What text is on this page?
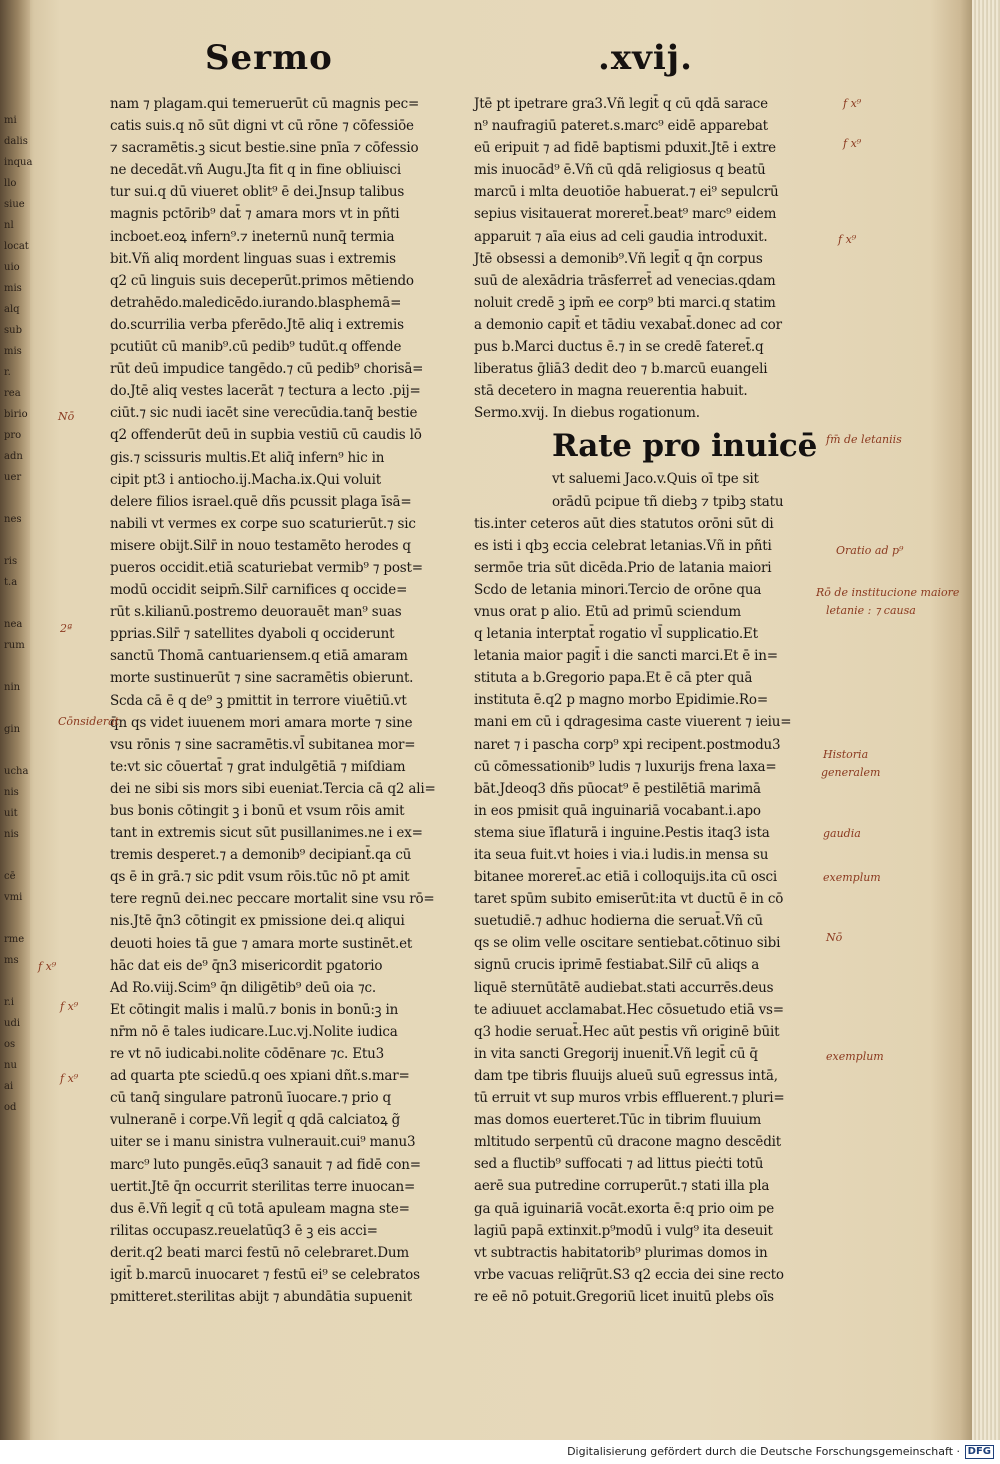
mi
dalis
inqua
llo
siue
nl
locat
uio
mis
alq
sub
mis
r.
rea
birio
pro
adn
uer

nes

ris
t.a

nea
rum

nin

gin

ucha
nis
uit
nis

cē
vmi

rme
ms

r.i
udi
os
nu
ai
od
Sermo	.xvij.
nam ⁊ plagam.qui temeruerūt cū magnis pec=
catis suis.q nō sūt digni vt cū rōne ⁊ cōfessiōe
⁊ sacramētis.ꝫ sicut bestie.sine pnīa ⁊ cōfessio
ne decedāt.vñ Augu.Jta fit q in fine obliuisci
tur sui.q dū viueret oblit⁹ ē dei.Jnsup talibus
magnis pctōrib⁹ dat̄ ⁊ amara mors vt in pñti
incboet.eoꝝ infern⁹.⁊ ineternū nunq̄ termia
bit.Vñ aliq mordent linguas suas i extremis
q2 cū linguis suis deceperūt.primos mētiendo
detrahēdo.maledicēdo.iurando.blasphemā=
do.scurrilia verba pferēdo.Jtē aliq i extremis
pcutiūt cū manib⁹.cū pedib⁹ tudūt.q offende
rūt deū impudice tangēdo.⁊ cū pedib⁹ chorisā=
do.Jtē aliq vestes lacerāt ⁊ tectura a lecto .pij=
ciūt.⁊ sic nudi iacēt sine verecūdia.tanq̄ bestie
q2 offenderūt deū in supbia vestiū cū caudis lō
gis.⁊ scissuris multis.Et aliq̄ infern⁹ hic in
cipit pt3 i antiocho.ij.Macha.ix.Qui voluit
delere filios israel.quē dñs pcussit plaga īsā=
nabili vt vermes ex corpe suo scaturierūt.⁊ sic
misere obijt.Silr̄ in nouo testamēto herodes q
pueros occidit.etiā scaturiebat vermib⁹ ⁊ post=
modū occidit seipm̄.Silr̄ carnifices q occide=
rūt s.kilianū.postremo deuorauēt man⁹ suas
pprias.Silr̄ ⁊ satellites dyaboli q occiderunt
sanctū Thomā cantuariensem.q etiā amaram
morte sustinuerūt ⁊ sine sacramētis obierunt.
Scda cā ē q de⁹ ꝫ pmittit in terrore viuētiū.vt
q̄n qs videt iuuenem mori amara morte ⁊ sine
vsu rōnis ⁊ sine sacramētis.vl̄ subitanea mor=
te:vt sic cōuertat̄ ⁊ grat indulgētiā ⁊ miſdiam
dei ne sibi sis mors sibi eueniat.Tercia cā q2 ali=
bus bonis cōtingit ꝫ i bonū et vsum rōis amit
tant in extremis sicut sūt pusillanimes.ne i ex=
tremis desperet.⁊ a demonib⁹ decipiant̄.qa cū
qs ē in grā.⁊ sic pdit vsum rōis.tūc nō pt amit
tere regnū dei.nec peccare mortalit sine vsu rō=
nis.Jtē q̄n3 cōtingit ex pmissione dei.q aliqui
deuoti hoies tā gue ⁊ amara morte sustinēt.et
hāc dat eis de⁹ q̄n3 misericordit pgatorio
Ad Ro.viij.Scim⁹ q̄n diligētib⁹ deū oia ⁊c.
Et cōtingit malis i malū.⁊ bonis in bonū:ꝫ in
nr̄m nō ē tales iudicare.Luc.vj.Nolite iudica
re vt nō iudicabi.nolite cōdēnare ⁊c. Etu3
ad quarta pte sciedū.q oes xpiani dñt.s.mar=
cū tanq̄ singulare patronū īuocare.⁊ prio q
vulneranē i corpe.Vñ legit̄ q qdā calciatoꝝ g̃
uiter se i manu sinistra vulnerauit.cui⁹ manu3
marc⁹ luto pungēs.eūq3 sanauit ⁊ ad fidē con=
uertit.Jtē q̄n occurrit sterilitas terre inuocan=
dus ē.Vñ legit̄ q cū totā apuleam magna ste=
rilitas occupasz.reuelatūq3 ē ꝫ eis acci=
derit.q2 beati marci festū nō celebraret.Dum
igit̄ b.marcū inuocaret ⁊ festū ei⁹ se celebratos
pmitteret.sterilitas abijt ⁊ abundātia supuenit
Jtē pt ipetrare gra3.Vñ legit̄ q cū qdā sarace
n⁹ naufragiū pateret.s.marc⁹ eidē apparebat
eū eripuit ⁊ ad fidē baptismi pduxit.Jtē i extre
mis inuocād⁹ ē.Vñ cū qdā religiosus q beatū
marcū i mlta deuotiōe habuerat.⁊ ei⁹ sepulcrū
sepius visitauerat moreret̄.beat⁹ marc⁹ eidem
apparuit ⁊ aīa eius ad celi gaudia introduxit.
Jtē obsessi a demonib⁹.Vñ legit̄ q q̄n corpus
suū de alexādria trāsferret̄ ad venecias.qdam
noluit credē ꝫ ipm̄ ee corp⁹ bti marci.q statim
a demonio capit̄ et tādiu vexabat̄.donec ad cor
pus b.Marci ductus ē.⁊ in se credē fateret̄.q
liberatus ḡliā3 dedit deo ⁊ b.marcū euangeli
stā decetero in magna reuerentia habuit.
Sermo.xvij. In diebus rogationum.
Rate pro inuicē
vt saluemi Jaco.v.Quis oī tpe sit
orādū pcipue tñ diebꝫ ⁊ tpibꝫ statu
tis.inter ceteros aūt dies statutos orōni sūt di
es isti i qbꝫ eccia celebrat letanias.Vñ in pñti
sermōe tria sūt dicēda.Prio de latania maiori
Scdo de letania minori.Tercio de orōne qua
vnus orat p alio. Etū ad primū sciendum
q letania interptat̄ rogatio vl̄ supplicatio.Et
letania maior pagit̄ i die sancti marci.Et ē in=
stituta a b.Gregorio papa.Et ē cā pter quā
instituta ē.q2 p magno morbo Epidimie.Ro=
mani em cū i qdragesima caste viuerent ⁊ ieiu=
naret ⁊ i pascha corp⁹ xpi recipent.postmodu3
cū cōmessationib⁹ ludis ⁊ luxurijs frena laxa=
bāt.Jdeoq3 dñs pūocat⁹ ē pestilētiā marimā
in eos pmisit quā inguinariā vocabant.i.apo
stema siue īflaturā i inguine.Pestis itaq3 ista
ita seua fuit.vt hoies i via.i ludis.in mensa su
bitanee moreret̄.ac etiā i colloquijs.ita cū osci
taret spūm subito emiserūt:ita vt ductū ē in cō
suetudiē.⁊ adhuc hodierna die seruat̄.Vñ cū
qs se olim velle oscitare sentiebat.cōtinuo sibi
signū crucis iprimē festiabat.Silr̄ cū aliqs a
liquē sternūtātē audiebat.stati accurrēs.deus
te adiuuet acclamabat.Hec cōsuetudo etiā vs=
q3 hodie seruat̄.Hec aūt pestis vñ originē būit
in vita sancti Gregorij inuenit̄.Vñ legit̄ cū q̄
dam tpe tibris fluuijs alueū suū egressus intā,
tū erruit vt sup muros vrbis effluerent.⁊ pluri=
mas domos euerteret.Tūc in tibrim fluuium
mltitudo serpentū cū dracone magno descēdit
sed a fluctib⁹ suffocati ⁊ ad littus pieċti totū
aerē sua putredine corruperūt.⁊ stati illa pla
ga quā iguinariā vocāt.exorta ē:q prio oim pe
lagiū papā extinxit.p⁹modū i vulg⁹ ita deseuit
vt subtractis habitatorib⁹ plurimas domos in
vrbe vacuas reliq̄rūt.S3 q2 eccia dei sine recto
re eē nō potuit.Gregoriū licet inuitū plebs oīs
f x⁹
f x⁹
f x⁹
fm̄ de letaniis
Oratio ad p⁹
Rō de institucione maiore
letanie : ⁊ causa
Historia
generalem
gaudia
exemplum
Nō
exemplum
Nō
2ª
Cōnsiderat
f x⁹
f x⁹
f x⁹
Digitalisierung gefördert durch die Deutsche Forschungsgemeinschaft · DFG
